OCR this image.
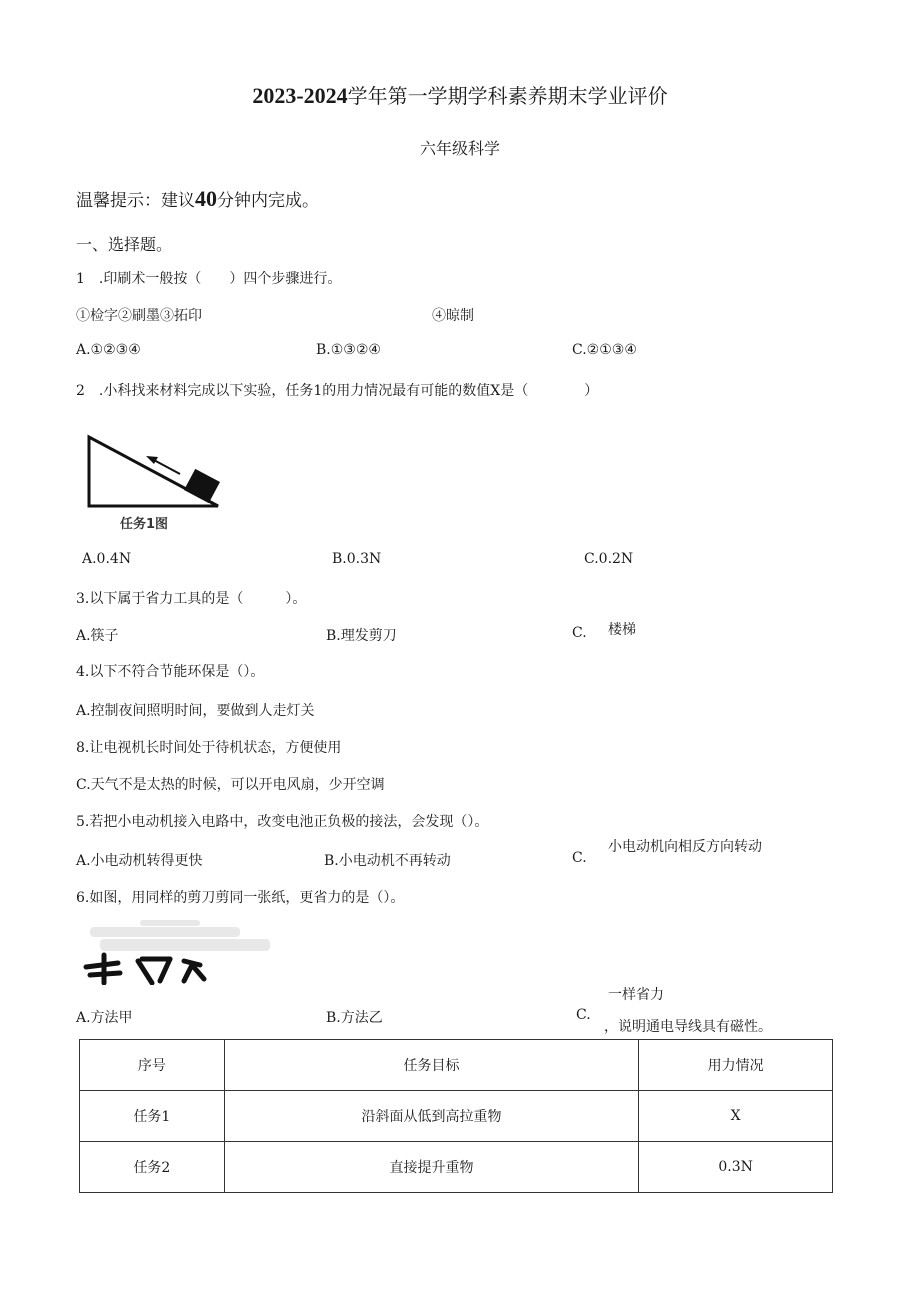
2023-2024学年第一学期学科素养期末学业评价
六年级科学
温馨提示：建议40分钟内完成。
一、选择题。
1　.印刷术一般按（　　）四个步骤进行。
①检字②刷墨③拓印	④晾制
A.①②③④	B.①③②④	C.②①③④
2　.小科找来材料完成以下实验，任务1的用力情况最有可能的数值X是（　　　　）
任务1图
A.0.4N	B.0.3N	C.0.2N
3.以下属于省力工具的是（　　　）。
A.筷子	B.理发剪刀	C. 楼梯
4.以下不符合节能环保是（）。
A.控制夜间照明时间，要做到人走灯关
8.让电视机长时间处于待机状态，方便使用
C.天气不是太热的时候，可以开电风扇，少开空调
5.若把小电动机接入电路中，改变电池正负极的接法，会发现（）。
A.小电动机转得更快	B.小电动机不再转动	C.
小电动机向相反方向转动
6.如图，用同样的剪刀剪同一张纸，更省力的是（）。
A.方法甲	B.方法乙	C.
一样省力
，说明通电导线具有磁性。
序号	任务目标	用力情况
任务1	沿斜面从低到高拉重物	X
任务2	直接提升重物	0.3N
